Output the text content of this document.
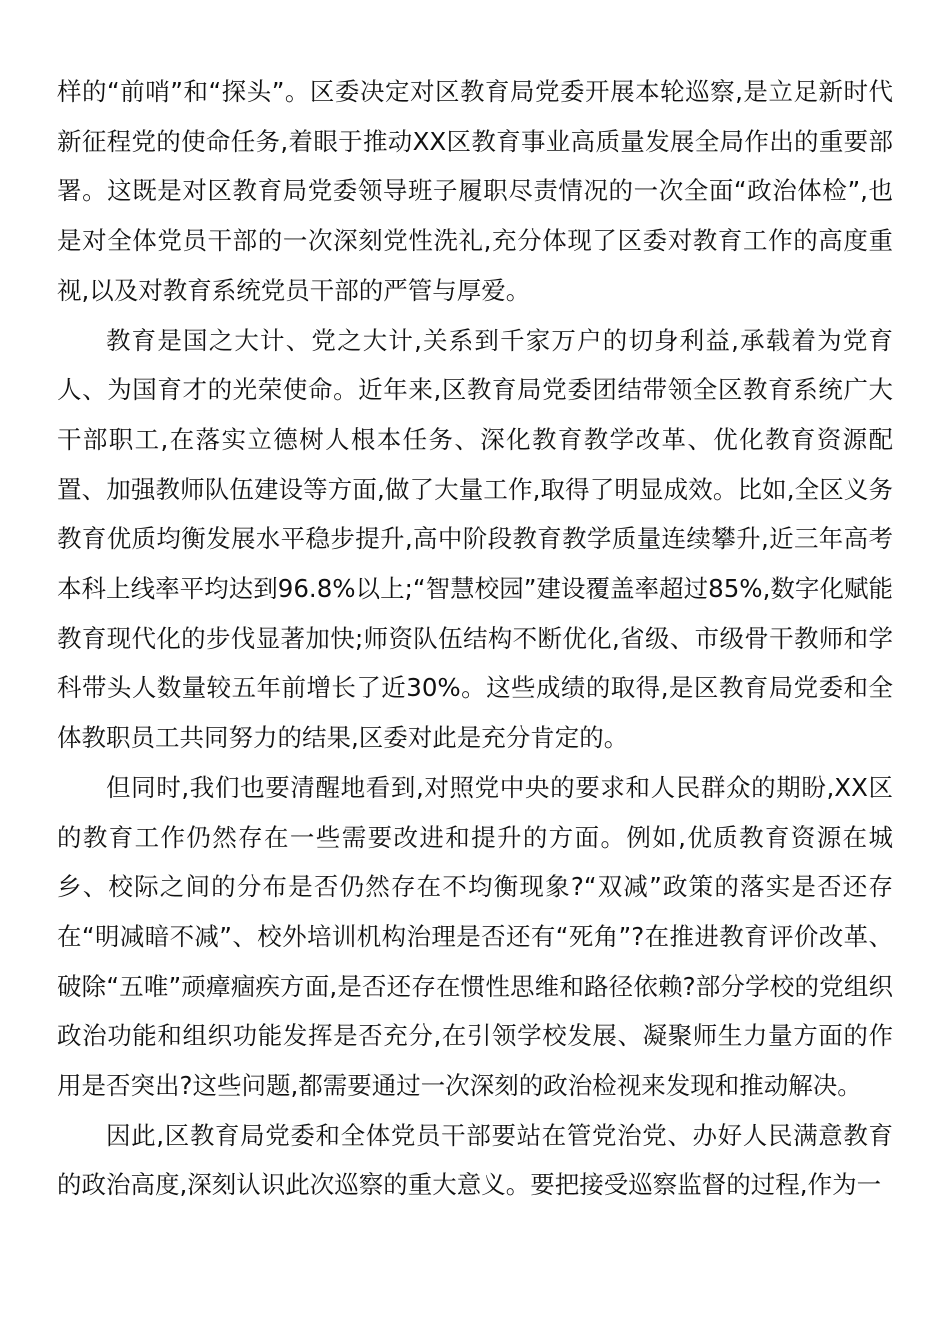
样的“前哨”和“探头”。区委决定对区教育局党委开展本轮巡察,是立足新时代新征程党的使命任务,着眼于推动XX区教育事业高质量发展全局作出的重要部署。这既是对区教育局党委领导班子履职尽责情况的一次全面“政治体检”,也是对全体党员干部的一次深刻党性洗礼,充分体现了区委对教育工作的高度重视,以及对教育系统党员干部的严管与厚爱。

教育是国之大计、党之大计,关系到千家万户的切身利益,承载着为党育人、为国育才的光荣使命。近年来,区教育局党委团结带领全区教育系统广大干部职工,在落实立德树人根本任务、深化教育教学改革、优化教育资源配置、加强教师队伍建设等方面,做了大量工作,取得了明显成效。比如,全区义务教育优质均衡发展水平稳步提升,高中阶段教育教学质量连续攀升,近三年高考本科上线率平均达到96.8%以上;“智慧校园”建设覆盖率超过85%,数字化赋能教育现代化的步伐显著加快;师资队伍结构不断优化,省级、市级骨干教师和学科带头人数量较五年前增长了近30%。这些成绩的取得,是区教育局党委和全体教职员工共同努力的结果,区委对此是充分肯定的。

但同时,我们也要清醒地看到,对照党中央的要求和人民群众的期盼,XX区的教育工作仍然存在一些需要改进和提升的方面。例如,优质教育资源在城乡、校际之间的分布是否仍然存在不均衡现象?“双减”政策的落实是否还存在“明减暗不减”、校外培训机构治理是否还有“死角”?在推进教育评价改革、破除“五唯”顽瘴痼疾方面,是否还存在惯性思维和路径依赖?部分学校的党组织政治功能和组织功能发挥是否充分,在引领学校发展、凝聚师生力量方面的作用是否突出?这些问题,都需要通过一次深刻的政治检视来发现和推动解决。

因此,区教育局党委和全体党员干部要站在管党治党、办好人民满意教育的政治高度,深刻认识此次巡察的重大意义。要把接受巡察监督的过程,作为一
